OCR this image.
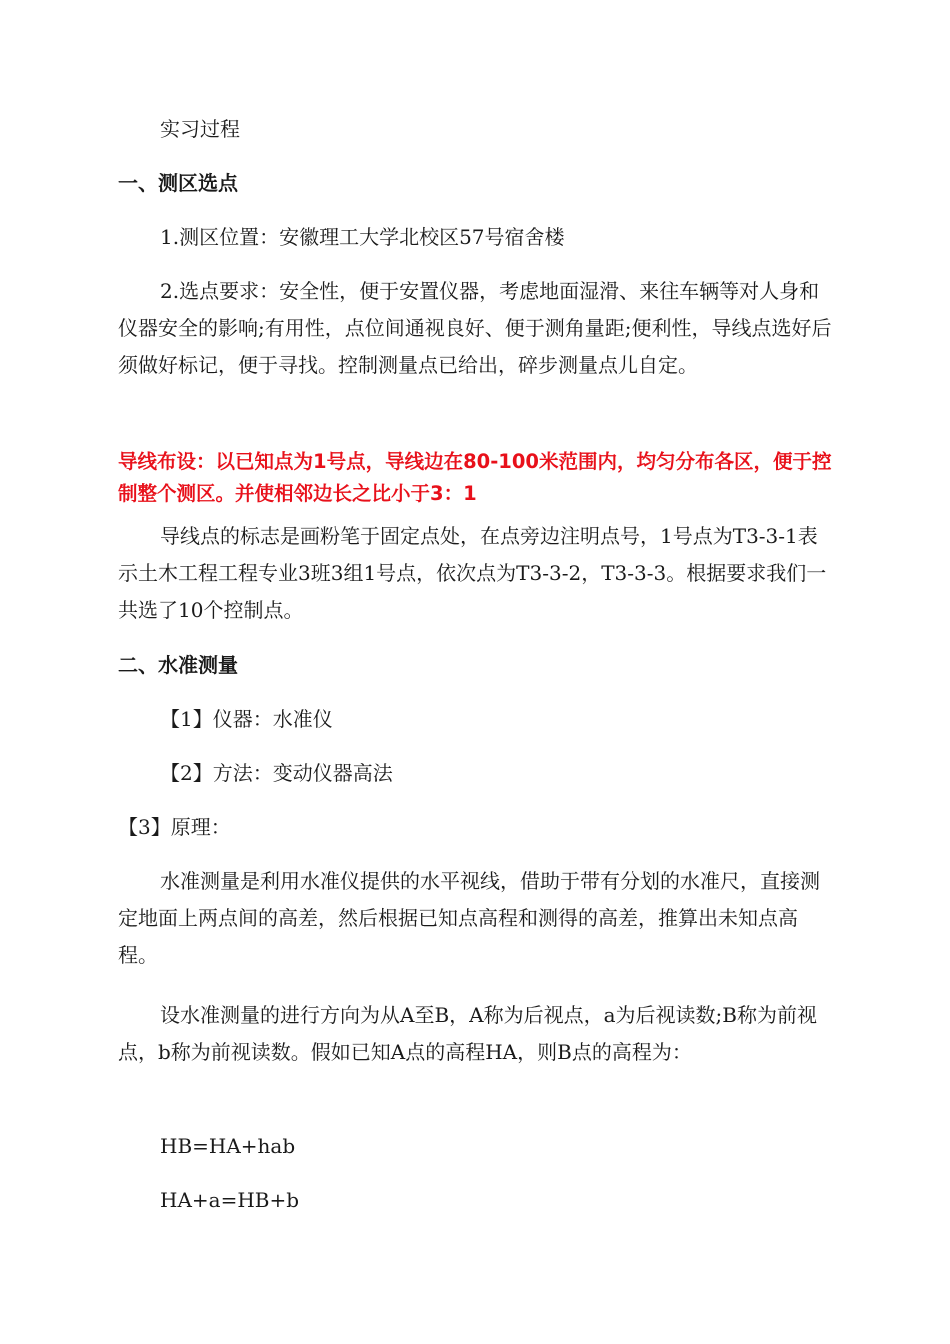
实习过程
一、测区选点
1.测区位置：安徽理工大学北校区57号宿舍楼
2.选点要求：安全性，便于安置仪器，考虑地面湿滑、来往车辆等对人身和仪器安全的影响;有用性，点位间通视良好、便于测角量距;便利性，导线点选好后须做好标记，便于寻找。控制测量点已给出，碎步测量点儿自定。
导线布设：以已知点为1号点，导线边在80-100米范围内，均匀分布各区，便于控制整个测区。并使相邻边长之比小于3：1
导线点的标志是画粉笔于固定点处，在点旁边注明点号，1号点为T3-3-1表示土木工程工程专业3班3组1号点，依次点为T3-3-2，T3-3-3。根据要求我们一共选了10个控制点。
二、水准测量
【1】仪器：水准仪
【2】方法：变动仪器高法
【3】原理：
水准测量是利用水准仪提供的水平视线，借助于带有分划的水准尺，直接测定地面上两点间的高差，然后根据已知点高程和测得的高差，推算出未知点高程。
设水准测量的进行方向为从A至B，A称为后视点，a为后视读数;B称为前视点，b称为前视读数。假如已知A点的高程HA，则B点的高程为：
HB=HA+hab
HA+a=HB+b
